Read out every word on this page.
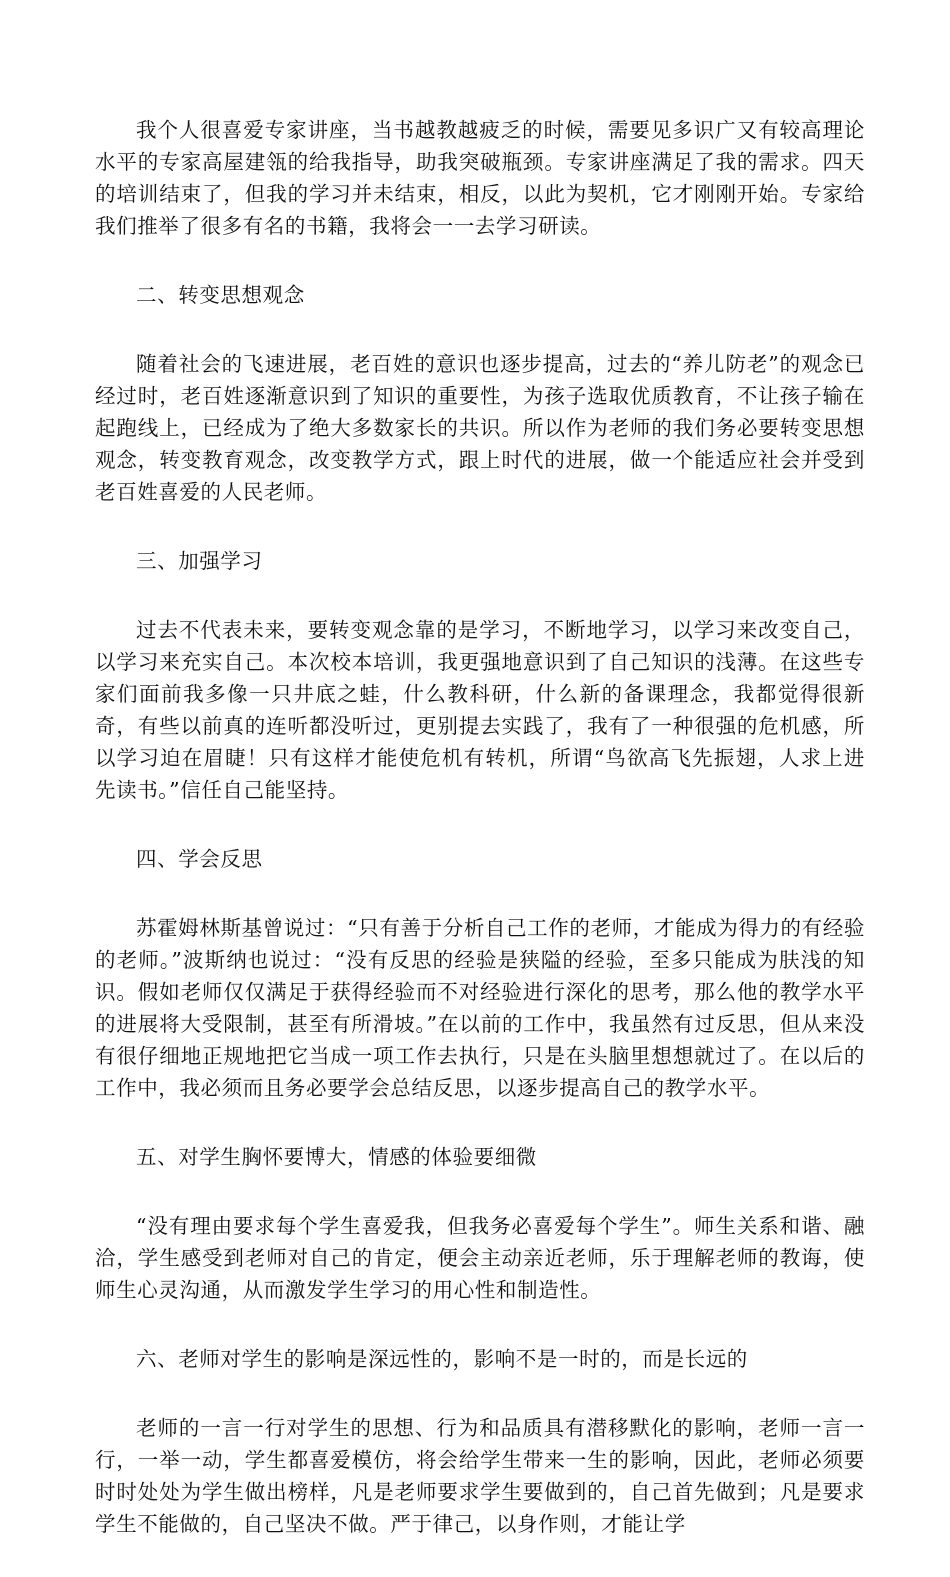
我个人很喜爱专家讲座，当书越教越疲乏的时候，需要见多识广又有较高理论水平的专家高屋建瓴的给我指导，助我突破瓶颈。专家讲座满足了我的需求。四天的培训结束了，但我的学习并未结束，相反，以此为契机，它才刚刚开始。专家给我们推举了很多有名的书籍，我将会一一去学习研读。

二、转变思想观念

随着社会的飞速进展，老百姓的意识也逐步提高，过去的“养儿防老”的观念已经过时，老百姓逐渐意识到了知识的重要性，为孩子选取优质教育，不让孩子输在起跑线上，已经成为了绝大多数家长的共识。所以作为老师的我们务必要转变思想观念，转变教育观念，改变教学方式，跟上时代的进展，做一个能适应社会并受到老百姓喜爱的人民老师。

三、加强学习

过去不代表未来，要转变观念靠的是学习，不断地学习，以学习来改变自己，以学习来充实自己。本次校本培训，我更强地意识到了自己知识的浅薄。在这些专家们面前我多像一只井底之蛙，什么教科研，什么新的备课理念，我都觉得很新奇，有些以前真的连听都没听过，更别提去实践了，我有了一种很强的危机感，所以学习迫在眉睫！只有这样才能使危机有转机，所谓“鸟欲高飞先振翅，人求上进先读书。”信任自己能坚持。

四、学会反思

苏霍姆林斯基曾说过：“只有善于分析自己工作的老师，才能成为得力的有经验的老师。”波斯纳也说过：“没有反思的经验是狭隘的经验，至多只能成为肤浅的知识。假如老师仅仅满足于获得经验而不对经验进行深化的思考，那么他的教学水平的进展将大受限制，甚至有所滑坡。”在以前的工作中，我虽然有过反思，但从来没有很仔细地正规地把它当成一项工作去执行，只是在头脑里想想就过了。在以后的工作中，我必须而且务必要学会总结反思，以逐步提高自己的教学水平。

五、对学生胸怀要博大，情感的体验要细微

“没有理由要求每个学生喜爱我，但我务必喜爱每个学生”。师生关系和谐、融洽，学生感受到老师对自己的肯定，便会主动亲近老师，乐于理解老师的教诲，使师生心灵沟通，从而激发学生学习的用心性和制造性。

六、老师对学生的影响是深远性的，影响不是一时的，而是长远的

老师的一言一行对学生的思想、行为和品质具有潜移默化的影响，老师一言一行，一举一动，学生都喜爱模仿，将会给学生带来一生的影响，因此，老师必须要时时处处为学生做出榜样，凡是老师要求学生要做到的，自己首先做到；凡是要求学生不能做的，自己坚决不做。严于律己，以身作则，才能让学
